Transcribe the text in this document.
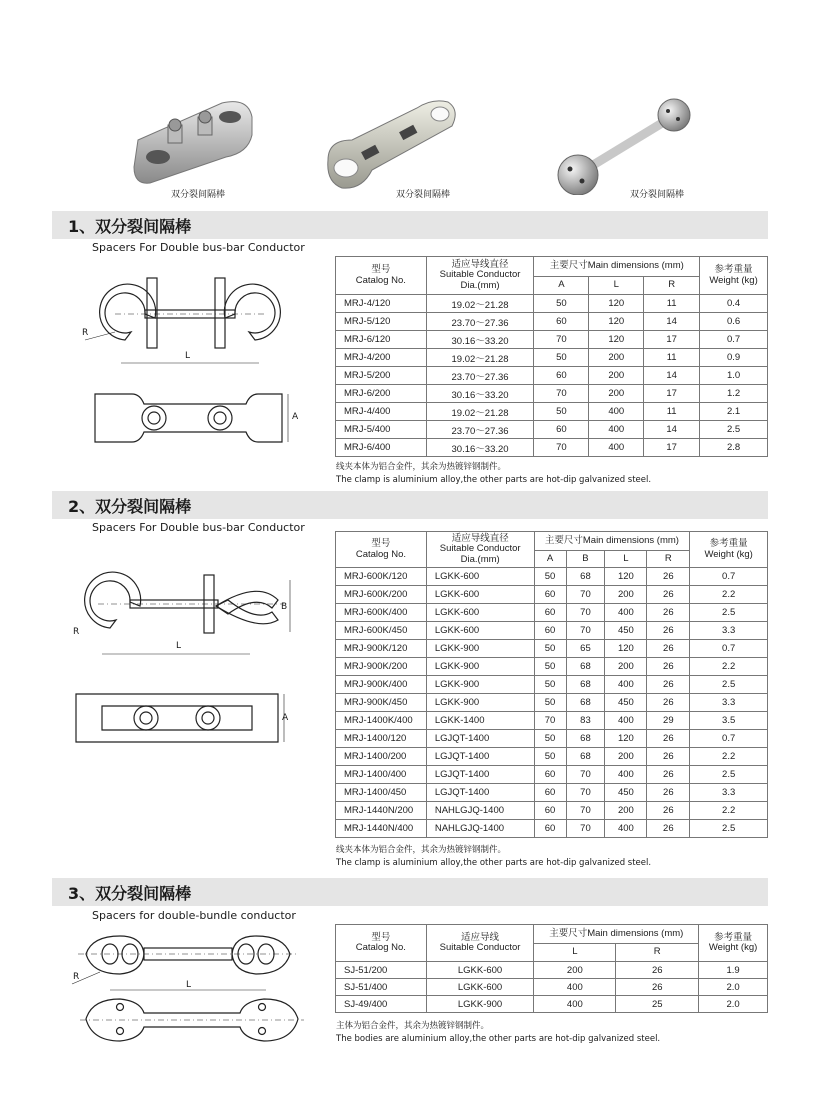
双分裂间隔棒	双分裂间隔棒	双分裂间隔棒
1、双分裂间隔棒
Spacers For Double bus-bar Conductor
R
L
A
型号
Catalog No.	适应导线直径
Suitable Conductor
Dia.(mm)	主要尺寸Main dimensions (mm)			参考重量
Weight (kg)
		A	L	R	
MRJ-4/120	19.02～21.28	50	120	11	0.4
MRJ-5/120	23.70～27.36	60	120	14	0.6
MRJ-6/120	30.16～33.20	70	120	17	0.7
MRJ-4/200	19.02～21.28	50	200	11	0.9
MRJ-5/200	23.70～27.36	60	200	14	1.0
MRJ-6/200	30.16～33.20	70	200	17	1.2
MRJ-4/400	19.02～21.28	50	400	11	2.1
MRJ-5/400	23.70～27.36	60	400	14	2.5
MRJ-6/400	30.16～33.20	70	400	17	2.8
线夹本体为铝合金件，其余为热镀锌钢制件。
The clamp is aluminium alloy,the other parts are hot-dip galvanized steel.
2、双分裂间隔棒
Spacers For Double bus-bar Conductor
R
L
B
A
型号
Catalog No.	适应导线直径
Suitable Conductor
Dia.(mm)	主要尺寸Main dimensions (mm)				参考重量
Weight (kg)
		A	B	L	R	
MRJ-600K/120	LGKK-600	50	68	120	26	0.7
MRJ-600K/200	LGKK-600	60	70	200	26	2.2
MRJ-600K/400	LGKK-600	60	70	400	26	2.5
MRJ-600K/450	LGKK-600	60	70	450	26	3.3
MRJ-900K/120	LGKK-900	50	65	120	26	0.7
MRJ-900K/200	LGKK-900	50	68	200	26	2.2
MRJ-900K/400	LGKK-900	50	68	400	26	2.5
MRJ-900K/450	LGKK-900	50	68	450	26	3.3
MRJ-1400K/400	LGKK-1400	70	83	400	29	3.5
MRJ-1400/120	LGJQT-1400	50	68	120	26	0.7
MRJ-1400/200	LGJQT-1400	50	68	200	26	2.2
MRJ-1400/400	LGJQT-1400	60	70	400	26	2.5
MRJ-1400/450	LGJQT-1400	60	70	450	26	3.3
MRJ-1440N/200	NAHLGJQ-1400	60	70	200	26	2.2
MRJ-1440N/400	NAHLGJQ-1400	60	70	400	26	2.5
线夹本体为铝合金件，其余为热镀锌钢制件。
The clamp is aluminium alloy,the other parts are hot-dip galvanized steel.
3、双分裂间隔棒
Spacers for double-bundle conductor
R
L
型号
Catalog No.	适应导线
Suitable Conductor	主要尺寸Main dimensions (mm)		参考重量
Weight (kg)
		L	R	
SJ-51/200	LGKK-600	200	26	1.9
SJ-51/400	LGKK-600	400	26	2.0
SJ-49/400	LGKK-900	400	25	2.0
主体为铝合金件，其余为热镀锌钢制件。
The bodies are aluminium alloy,the other parts are hot-dip galvanized steel.
